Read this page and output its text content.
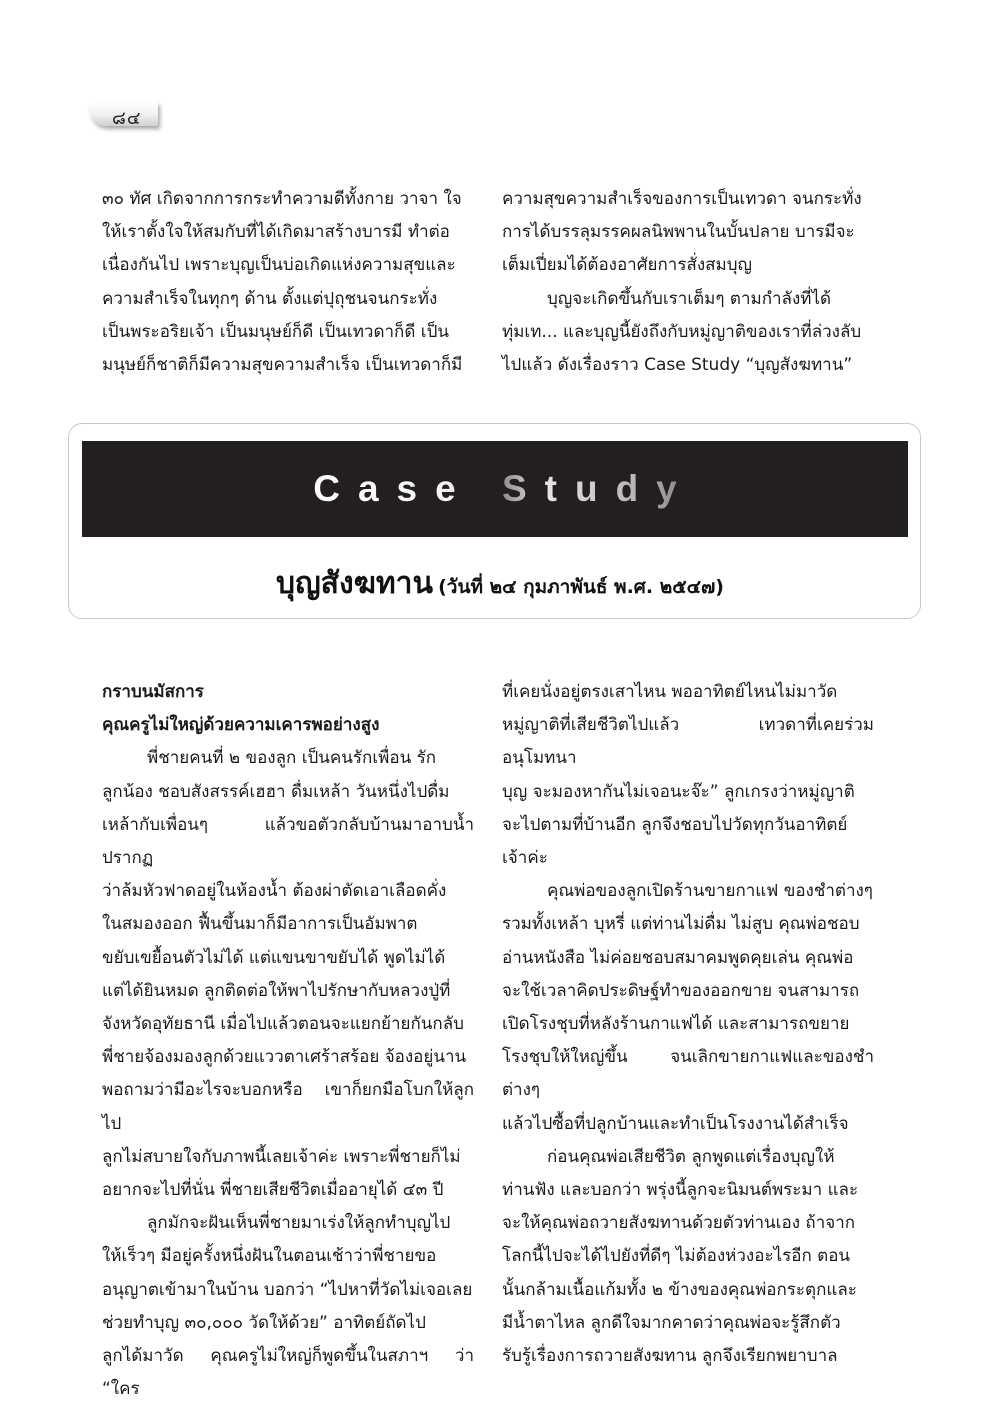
๘๔

๓๐ ทัศ เกิดจากการกระทำความดีทั้งกาย วาจา ใจ

ให้เราตั้งใจให้สมกับที่ได้เกิดมาสร้างบารมี ทำต่อ

เนื่องกันไป เพราะบุญเป็นบ่อเกิดแห่งความสุขและ

ความสำเร็จในทุกๆ ด้าน ตั้งแต่ปุถุชนจนกระทั่ง

เป็นพระอริยเจ้า เป็นมนุษย์ก็ดี เป็นเทวดาก็ดี เป็น

มนุษย์ก็ชาติก็มีความสุขความสำเร็จ เป็นเทวดาก็มี

ความสุขความสำเร็จของการเป็นเทวดา จนกระทั่ง

การได้บรรลุมรรคผลนิพพานในบั้นปลาย บารมีจะ

เต็มเปี่ยมได้ต้องอาศัยการสั่งสมบุญ

บุญจะเกิดขึ้นกับเราเต็มๆ ตามกำลังที่ได้

ทุ่มเท... และบุญนี้ยังถึงกับหมู่ญาติของเราที่ล่วงลับ

ไปแล้ว ดังเรื่องราว Case Study “บุญสังฆทาน”

Case Study
บุญสังฆทาน (วันที่ ๒๔ กุมภาพันธ์ พ.ศ. ๒๕๔๗)

กราบนมัสการ

คุณครูไม่ใหญ่ด้วยความเคารพอย่างสูง

พี่ชายคนที่ ๒ ของลูก เป็นคนรักเพื่อน รัก

ลูกน้อง ชอบสังสรรค์เฮฮา ดื่มเหล้า วันหนึ่งไปดื่ม

เหล้ากับเพื่อนๆ แล้วขอตัวกลับบ้านมาอาบน้ำ ปรากฏ

ว่าล้มหัวฟาดอยู่ในห้องน้ำ ต้องผ่าตัดเอาเลือดคั่ง

ในสมองออก ฟื้นขึ้นมาก็มีอาการเป็นอัมพาต

ขยับเขยื้อนตัวไม่ได้ แต่แขนขาขยับได้ พูดไม่ได้

แต่ได้ยินหมด ลูกติดต่อให้พาไปรักษากับหลวงปู่ที่

จังหวัดอุทัยธานี เมื่อไปแล้วตอนจะแยกย้ายกันกลับ

พี่ชายจ้องมองลูกด้วยแววตาเศร้าสร้อย จ้องอยู่นาน

พอถามว่ามีอะไรจะบอกหรือ เขาก็ยกมือโบกให้ลูกไป

ลูกไม่สบายใจกับภาพนี้เลยเจ้าค่ะ เพราะพี่ชายก็ไม่

อยากจะไปที่นั่น พี่ชายเสียชีวิตเมื่ออายุได้ ๔๓ ปี

ลูกมักจะฝันเห็นพี่ชายมาเร่งให้ลูกทำบุญไป

ให้เร็วๆ มีอยู่ครั้งหนึ่งฝันในตอนเช้าว่าพี่ชายขอ

อนุญาตเข้ามาในบ้าน บอกว่า “ไปหาที่วัดไม่เจอเลย

ช่วยทำบุญ ๓๐,๐๐๐ วัดให้ด้วย” อาทิตย์ถัดไป

ลูกได้มาวัด คุณครูไม่ใหญ่ก็พูดขึ้นในสภาฯ ว่า “ใคร

ที่เคยนั่งอยู่ตรงเสาไหน พออาทิตย์ไหนไม่มาวัด

หมู่ญาติที่เสียชีวิตไปแล้ว เทวดาที่เคยร่วมอนุโมทนา

บุญ จะมองหากันไม่เจอนะจ๊ะ” ลูกเกรงว่าหมู่ญาติ

จะไปตามที่บ้านอีก ลูกจึงชอบไปวัดทุกวันอาทิตย์

เจ้าค่ะ

คุณพ่อของลูกเปิดร้านขายกาแฟ ของชำต่างๆ

รวมทั้งเหล้า บุหรี่ แต่ท่านไม่ดื่ม ไม่สูบ คุณพ่อชอบ

อ่านหนังสือ ไม่ค่อยชอบสมาคมพูดคุยเล่น คุณพ่อ

จะใช้เวลาคิดประดิษฐ์ทำของออกขาย จนสามารถ

เปิดโรงชุบที่หลังร้านกาแฟได้ และสามารถขยาย

โรงชุบให้ใหญ่ขึ้น จนเลิกขายกาแฟและของชำต่างๆ

แล้วไปซื้อที่ปลูกบ้านและทำเป็นโรงงานได้สำเร็จ

ก่อนคุณพ่อเสียชีวิต ลูกพูดแต่เรื่องบุญให้

ท่านฟัง และบอกว่า พรุ่งนี้ลูกจะนิมนต์พระมา และ

จะให้คุณพ่อถวายสังฆทานด้วยตัวท่านเอง ถ้าจาก

โลกนี้ไปจะได้ไปยังที่ดีๆ ไม่ต้องห่วงอะไรอีก ตอน

นั้นกล้ามเนื้อแก้มทั้ง ๒ ข้างของคุณพ่อกระตุกและ

มีน้ำตาไหล ลูกดีใจมากคาดว่าคุณพ่อจะรู้สึกตัว

รับรู้เรื่องการถวายสังฆทาน ลูกจึงเรียกพยาบาล
